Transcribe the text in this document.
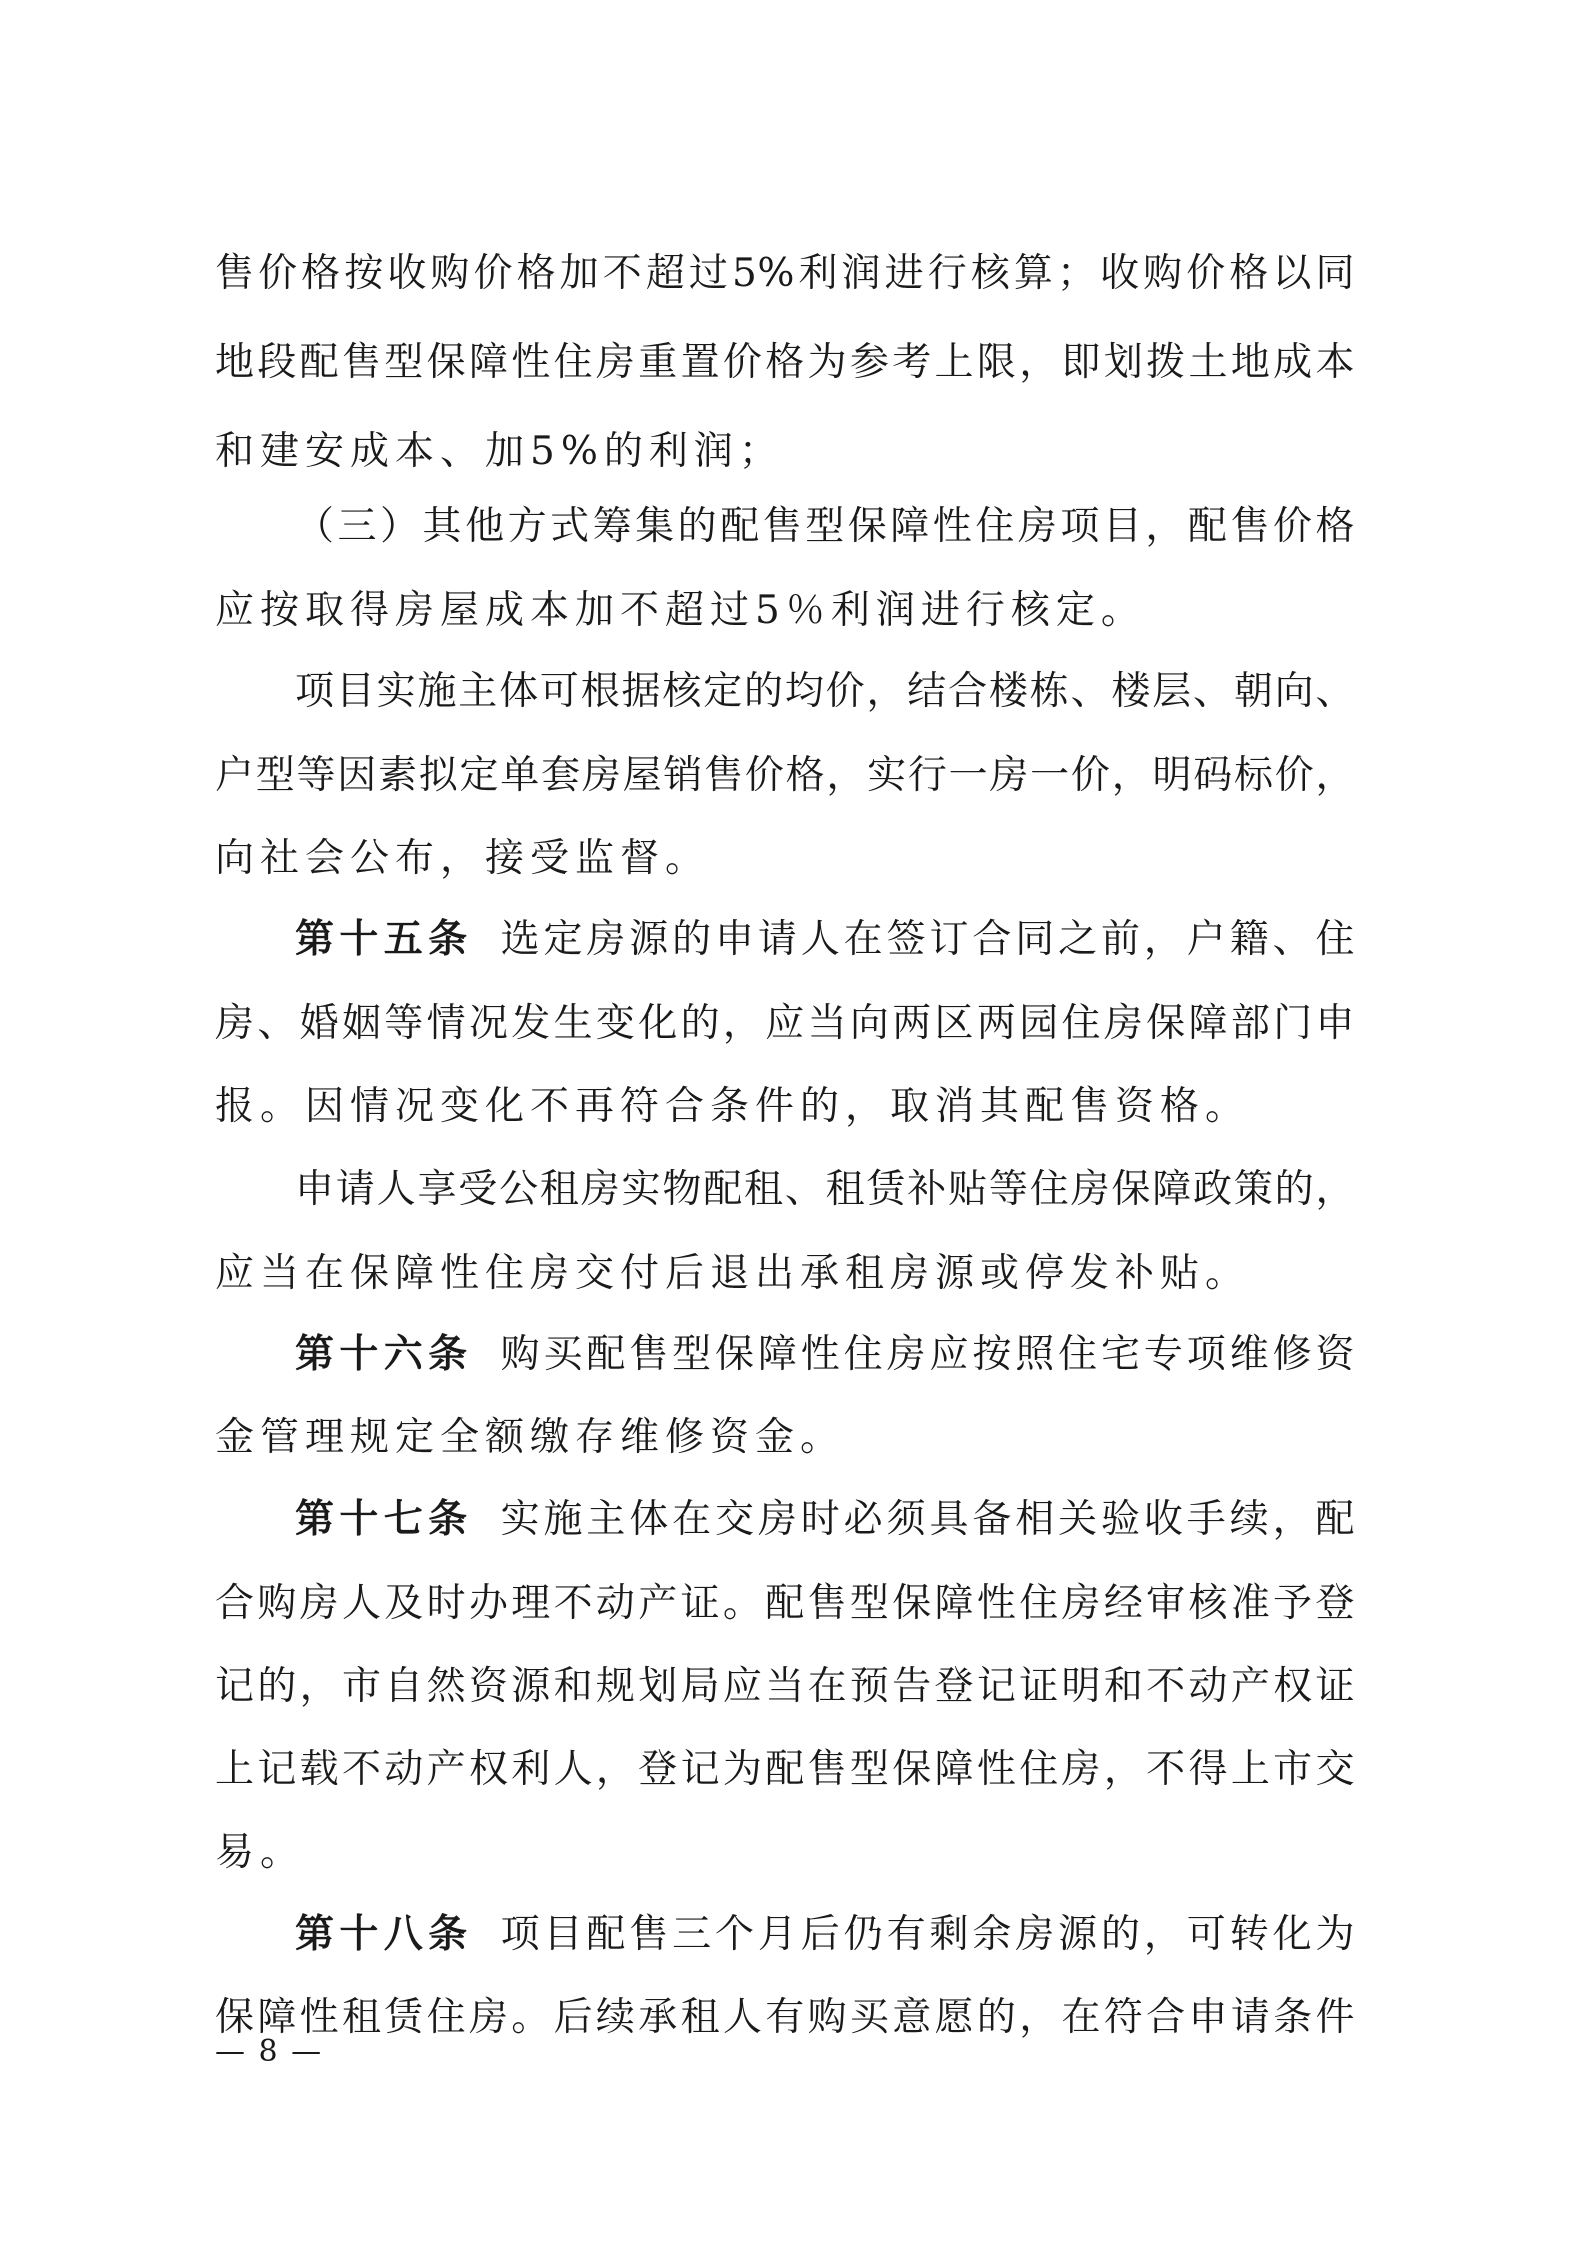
售价格按收购价格加不超过5%利润进行核算；收购价格以同
地段配售型保障性住房重置价格为参考上限，即划拨土地成本
和建安成本、加5%的利润；
（三）其他方式筹集的配售型保障性住房项目，配售价格
应按取得房屋成本加不超过5％利润进行核定。
项目实施主体可根据核定的均价，结合楼栋、楼层、朝向、
户型等因素拟定单套房屋销售价格，实行一房一价，明码标价，
向社会公布，接受监督。
第十五条 选定房源的申请人在签订合同之前，户籍、住
房、婚姻等情况发生变化的，应当向两区两园住房保障部门申
报。因情况变化不再符合条件的，取消其配售资格。
申请人享受公租房实物配租、租赁补贴等住房保障政策的，
应当在保障性住房交付后退出承租房源或停发补贴。
第十六条 购买配售型保障性住房应按照住宅专项维修资
金管理规定全额缴存维修资金。
第十七条 实施主体在交房时必须具备相关验收手续，配
合购房人及时办理不动产证。配售型保障性住房经审核准予登
记的，市自然资源和规划局应当在预告登记证明和不动产权证
上记载不动产权利人，登记为配售型保障性住房，不得上市交
易。
第十八条 项目配售三个月后仍有剩余房源的，可转化为
保障性租赁住房。后续承租人有购买意愿的，在符合申请条件
— 8 —
